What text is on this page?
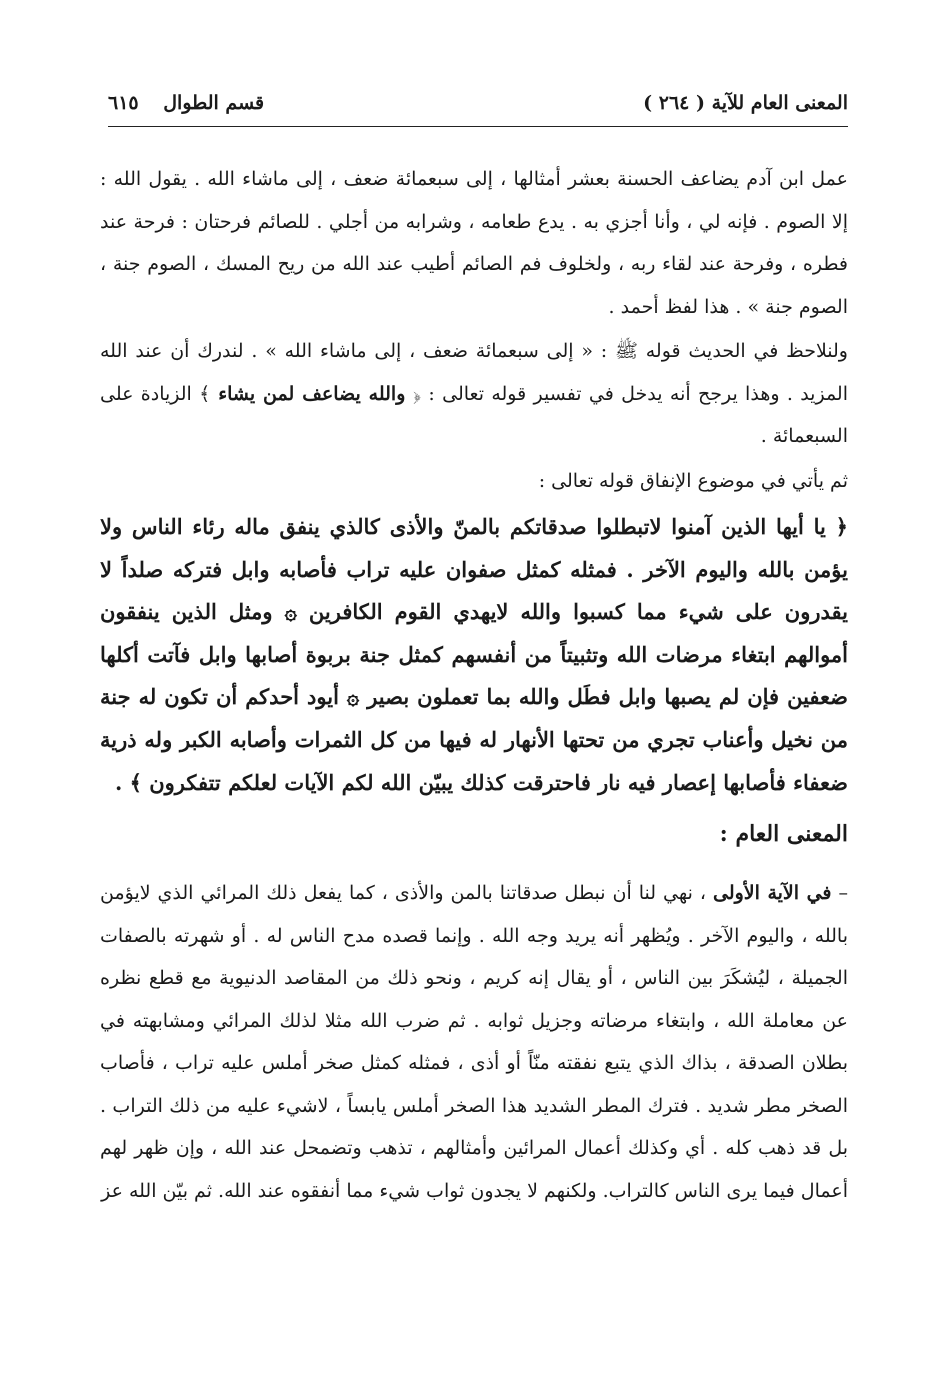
المعنى العام للآية ( ٢٦٤ )
قسم الطوال ٦١٥

عمل ابن آدم يضاعف الحسنة بعشر أمثالها ، إلى سبعمائة ضعف ، إلى ماشاء الله . يقول الله : إلا الصوم . فإنه لي ، وأنا أجزي به . يدع طعامه ، وشرابه من أجلي . للصائم فرحتان : فرحة عند فطره ، وفرحة عند لقاء ربه ، ولخلوف فم الصائم أطيب عند الله من ريح المسك ، الصوم جنة ، الصوم جنة » . هذا لفظ أحمد .

ولنلاحظ في الحديث قوله ﷺ : « إلى سبعمائة ضعف ، إلى ماشاء الله » . لندرك أن عند الله المزيد . وهذا يرجح أنه يدخل في تفسير قوله تعالى : ﴿ والله يضاعف لمن يشاء ﴾ الزيادة على السبعمائة .

ثم يأتي في موضوع الإنفاق قوله تعالى :

﴿ يا أيها الذين آمنوا لاتبطلوا صدقاتكم بالمنّ والأذى كالذي ينفق ماله رئاء الناس ولا يؤمن بالله واليوم الآخر . فمثله كمثل صفوان عليه تراب فأصابه وابل فتركه صلداً لا يقدرون على شيء مما كسبوا والله لايهدي القوم الكافرين ۞ ومثل الذين ينفقون أموالهم ابتغاء مرضات الله وتثبيتاً من أنفسهم كمثل جنة بربوة أصابها وابل فآتت أكلها ضعفين فإن لم يصبها وابل فطَل والله بما تعملون بصير ۞ أيود أحدكم أن تكون له جنة من نخيل وأعناب تجري من تحتها الأنهار له فيها من كل الثمرات وأصابه الكبر وله ذرية ضعفاء فأصابها إعصار فيه نار فاحترقت كذلك يبيّن الله لكم الآيات لعلكم تتفكرون ﴾ .

المعنى العام :

– في الآية الأولى ، نهي لنا أن نبطل صدقاتنا بالمن والأذى ، كما يفعل ذلك المرائي الذي لايؤمن بالله ، واليوم الآخر . ويُظهر أنه يريد وجه الله . وإنما قصده مدح الناس له . أو شهرته بالصفات الجميلة ، ليُشكَرَ بين الناس ، أو يقال إنه كريم ، ونحو ذلك من المقاصد الدنيوية مع قطع نظره عن معاملة الله ، وابتغاء مرضاته وجزيل ثوابه . ثم ضرب الله مثلا لذلك المرائي ومشابهته في بطلان الصدقة ، بذاك الذي يتبع نفقته منّاً أو أذى ، فمثله كمثل صخر أملس عليه تراب ، فأصاب الصخر مطر شديد . فترك المطر الشديد هذا الصخر أملس يابساً ، لاشيء عليه من ذلك التراب . بل قد ذهب كله . أي وكذلك أعمال المرائين وأمثالهم ، تذهب وتضمحل عند الله ، وإن ظهر لهم أعمال فيما يرى الناس كالتراب. ولكنهم لا يجدون ثواب شيء مما أنفقوه عند الله. ثم بيّن الله عز
